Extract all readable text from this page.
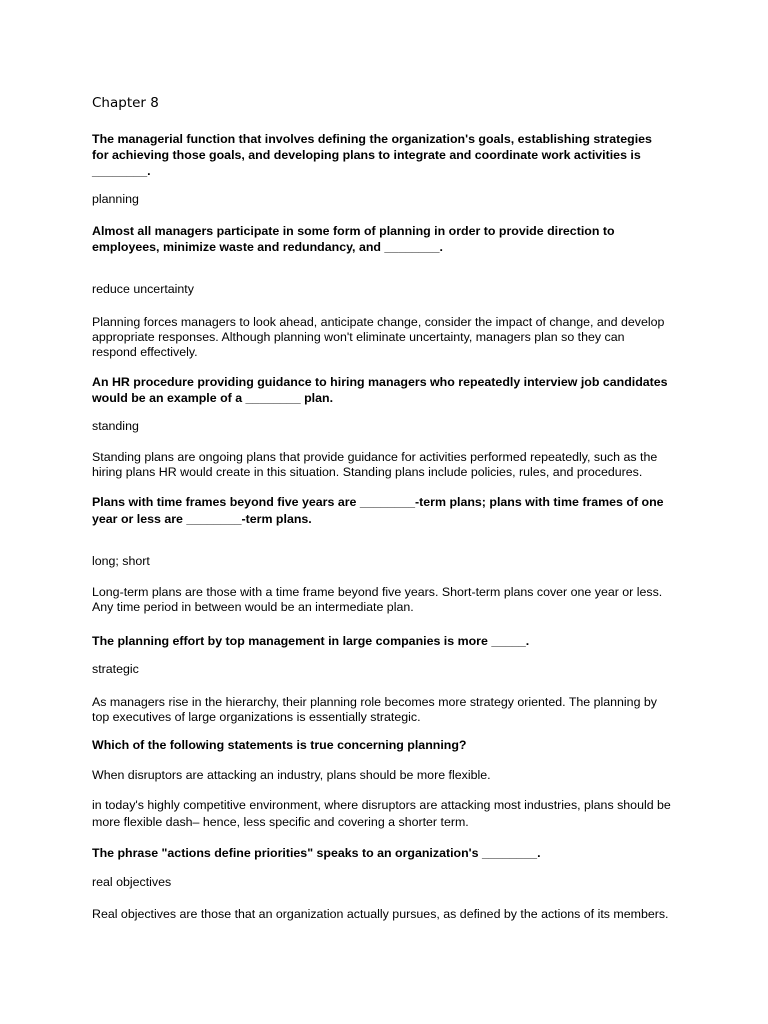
Chapter 8
The managerial function that involves defining the organization's goals, establishing strategies
for achieving those goals, and developing plans to integrate and coordinate work activities is
________.
planning
Almost all managers participate in some form of planning in order to provide direction to
employees, minimize waste and redundancy, and ________.
reduce uncertainty
Planning forces managers to look ahead, anticipate change, consider the impact of change, and develop
appropriate responses. Although planning won't eliminate uncertainty, managers plan so they can
respond effectively.
An HR procedure providing guidance to hiring managers who repeatedly interview job candidates
would be an example of a ________ plan.
standing
Standing plans are ongoing plans that provide guidance for activities performed repeatedly, such as the
hiring plans HR would create in this situation. Standing plans include policies, rules, and procedures.
Plans with time frames beyond five years are ________-term plans; plans with time frames of one
year or less are ________-term plans.
long; short
Long-term plans are those with a time frame beyond five years. Short-term plans cover one year or less.
Any time period in between would be an intermediate plan.
The planning effort by top management in large companies is more _____.
strategic
As managers rise in the hierarchy, their planning role becomes more strategy oriented. The planning by
top executives of large organizations is essentially strategic.
Which of the following statements is true concerning planning?
When disruptors are attacking an industry, plans should be more flexible.
in today's highly competitive environment, where disruptors are attacking most industries, plans should be
more flexible dash– hence, less specific and covering a shorter term.
The phrase "actions define priorities" speaks to an organization's ________.
real objectives
Real objectives are those that an organization actually pursues, as defined by the actions of its members.
